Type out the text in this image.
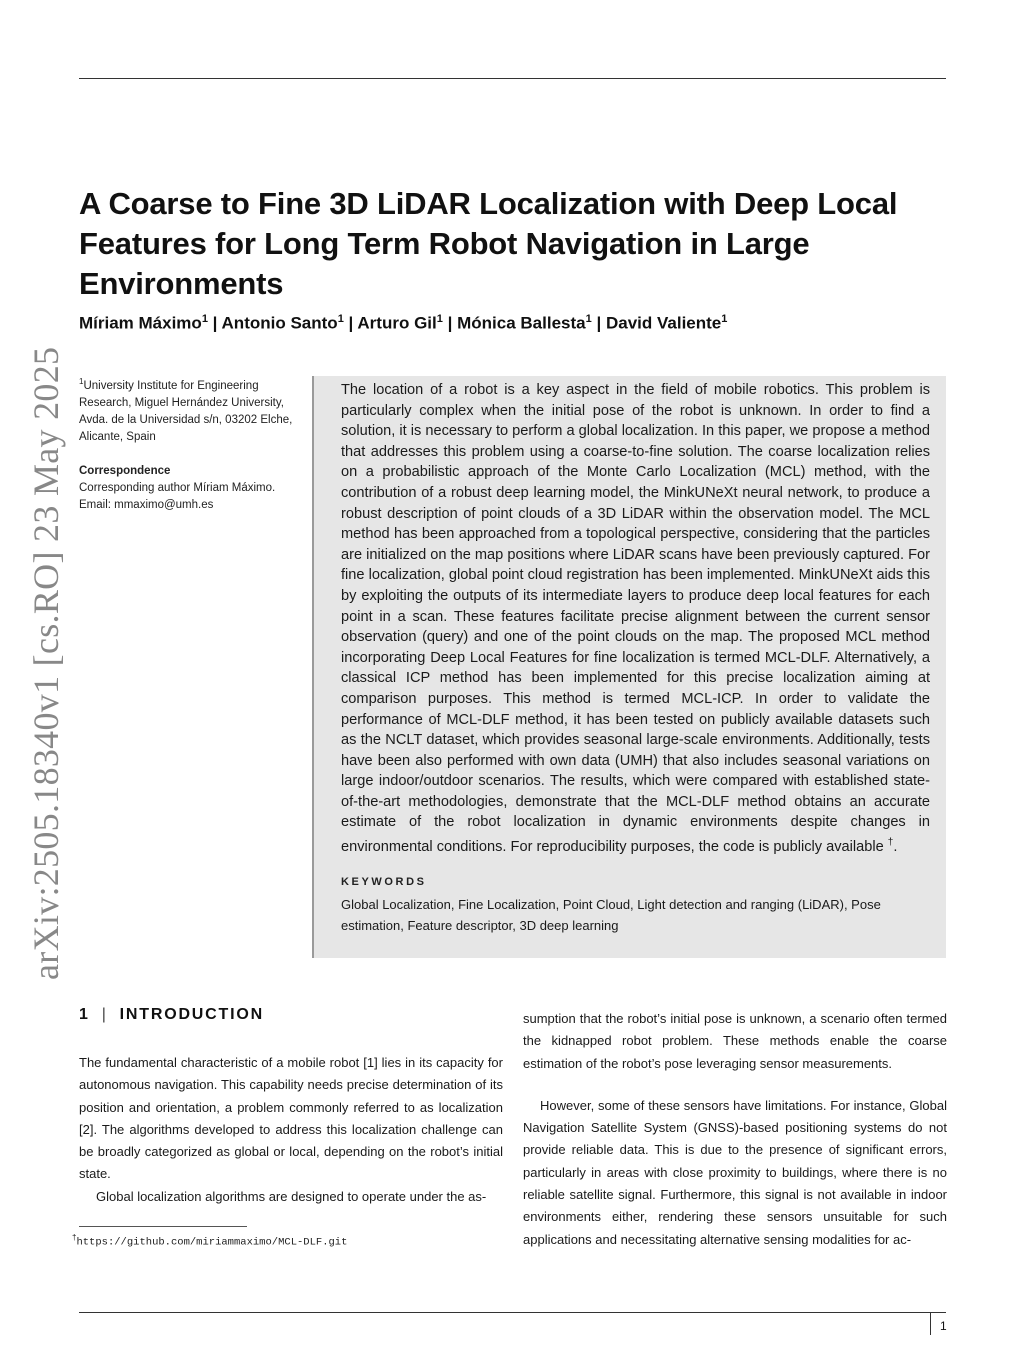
arXiv:2505.18340v1 [cs.RO] 23 May 2025
A Coarse to Fine 3D LiDAR Localization with Deep Local Features for Long Term Robot Navigation in Large Environments
Míriam Máximo$^1$ | Antonio Santo$^1$ | Arturo Gil$^1$ | Mónica Ballesta$^1$ | David Valiente$^1$
$^1$University Institute for Engineering Research, Miguel Hernández University, Avda. de la Universidad s/n, 03202 Elche, Alicante, Spain
Correspondence
Corresponding author Míriam Máximo.
Email: mmaximo@umh.es

The location of a robot is a key aspect in the field of mobile robotics. This problem is particularly complex when the initial pose of the robot is unknown. In order to find a solution, it is necessary to perform a global localization. In this paper, we propose a method that addresses this problem using a coarse-to-fine solution. The coarse localization relies on a probabilistic approach of the Monte Carlo Localization (MCL) method, with the contribution of a robust deep learning model, the MinkUNeXt neural network, to produce a robust description of point clouds of a 3D LiDAR within the observation model. The MCL method has been approached from a topological perspective, considering that the particles are initialized on the map positions where LiDAR scans have been previously captured. For fine localization, global point cloud registration has been implemented. MinkUNeXt aids this by exploiting the outputs of its intermediate layers to produce deep local features for each point in a scan. These features facilitate precise alignment between the current sensor observation (query) and one of the point clouds on the map. The proposed MCL method incorporating Deep Local Features for fine localization is termed MCL-DLF. Alternatively, a classical ICP method has been implemented for this precise localization aiming at comparison purposes. This method is termed MCL-ICP. In order to validate the performance of MCL-DLF method, it has been tested on publicly available datasets such as the NCLT dataset, which provides seasonal large-scale environments. Additionally, tests have been also performed with own data (UMH) that also includes seasonal variations on large indoor/outdoor scenarios. The results, which were compared with established state-of-the-art methodologies, demonstrate that the MCL-DLF method obtains an accurate estimate of the robot localization in dynamic environments despite changes in environmental conditions. For reproducibility purposes, the code is publicly available †.

KEYWORDS
Global Localization, Fine Localization, Point Cloud, Light detection and ranging (LiDAR), Pose estimation, Feature descriptor, 3D deep learning
1 | INTRODUCTION

The fundamental characteristic of a mobile robot [1] lies in its capacity for autonomous navigation. This capability needs precise determination of its position and orientation, a problem commonly referred to as localization [2]. The algorithms developed to address this localization challenge can be broadly categorized as global or local, depending on the robot’s initial state.

Global localization algorithms are designed to operate under the as-

sumption that the robot’s initial pose is unknown, a scenario often termed the kidnapped robot problem. These methods enable the coarse estimation of the robot’s pose leveraging sensor measurements.

However, some of these sensors have limitations. For instance, Global Navigation Satellite System (GNSS)-based positioning systems do not provide reliable data. This is due to the presence of significant errors, particularly in areas with close proximity to buildings, where there is no reliable satellite signal. Furthermore, this signal is not available in indoor environments either, rendering these sensors unsuitable for such applications and necessitating alternative sensing modalities for ac-

†https://github.com/miriammaximo/MCL-DLF.git
1
